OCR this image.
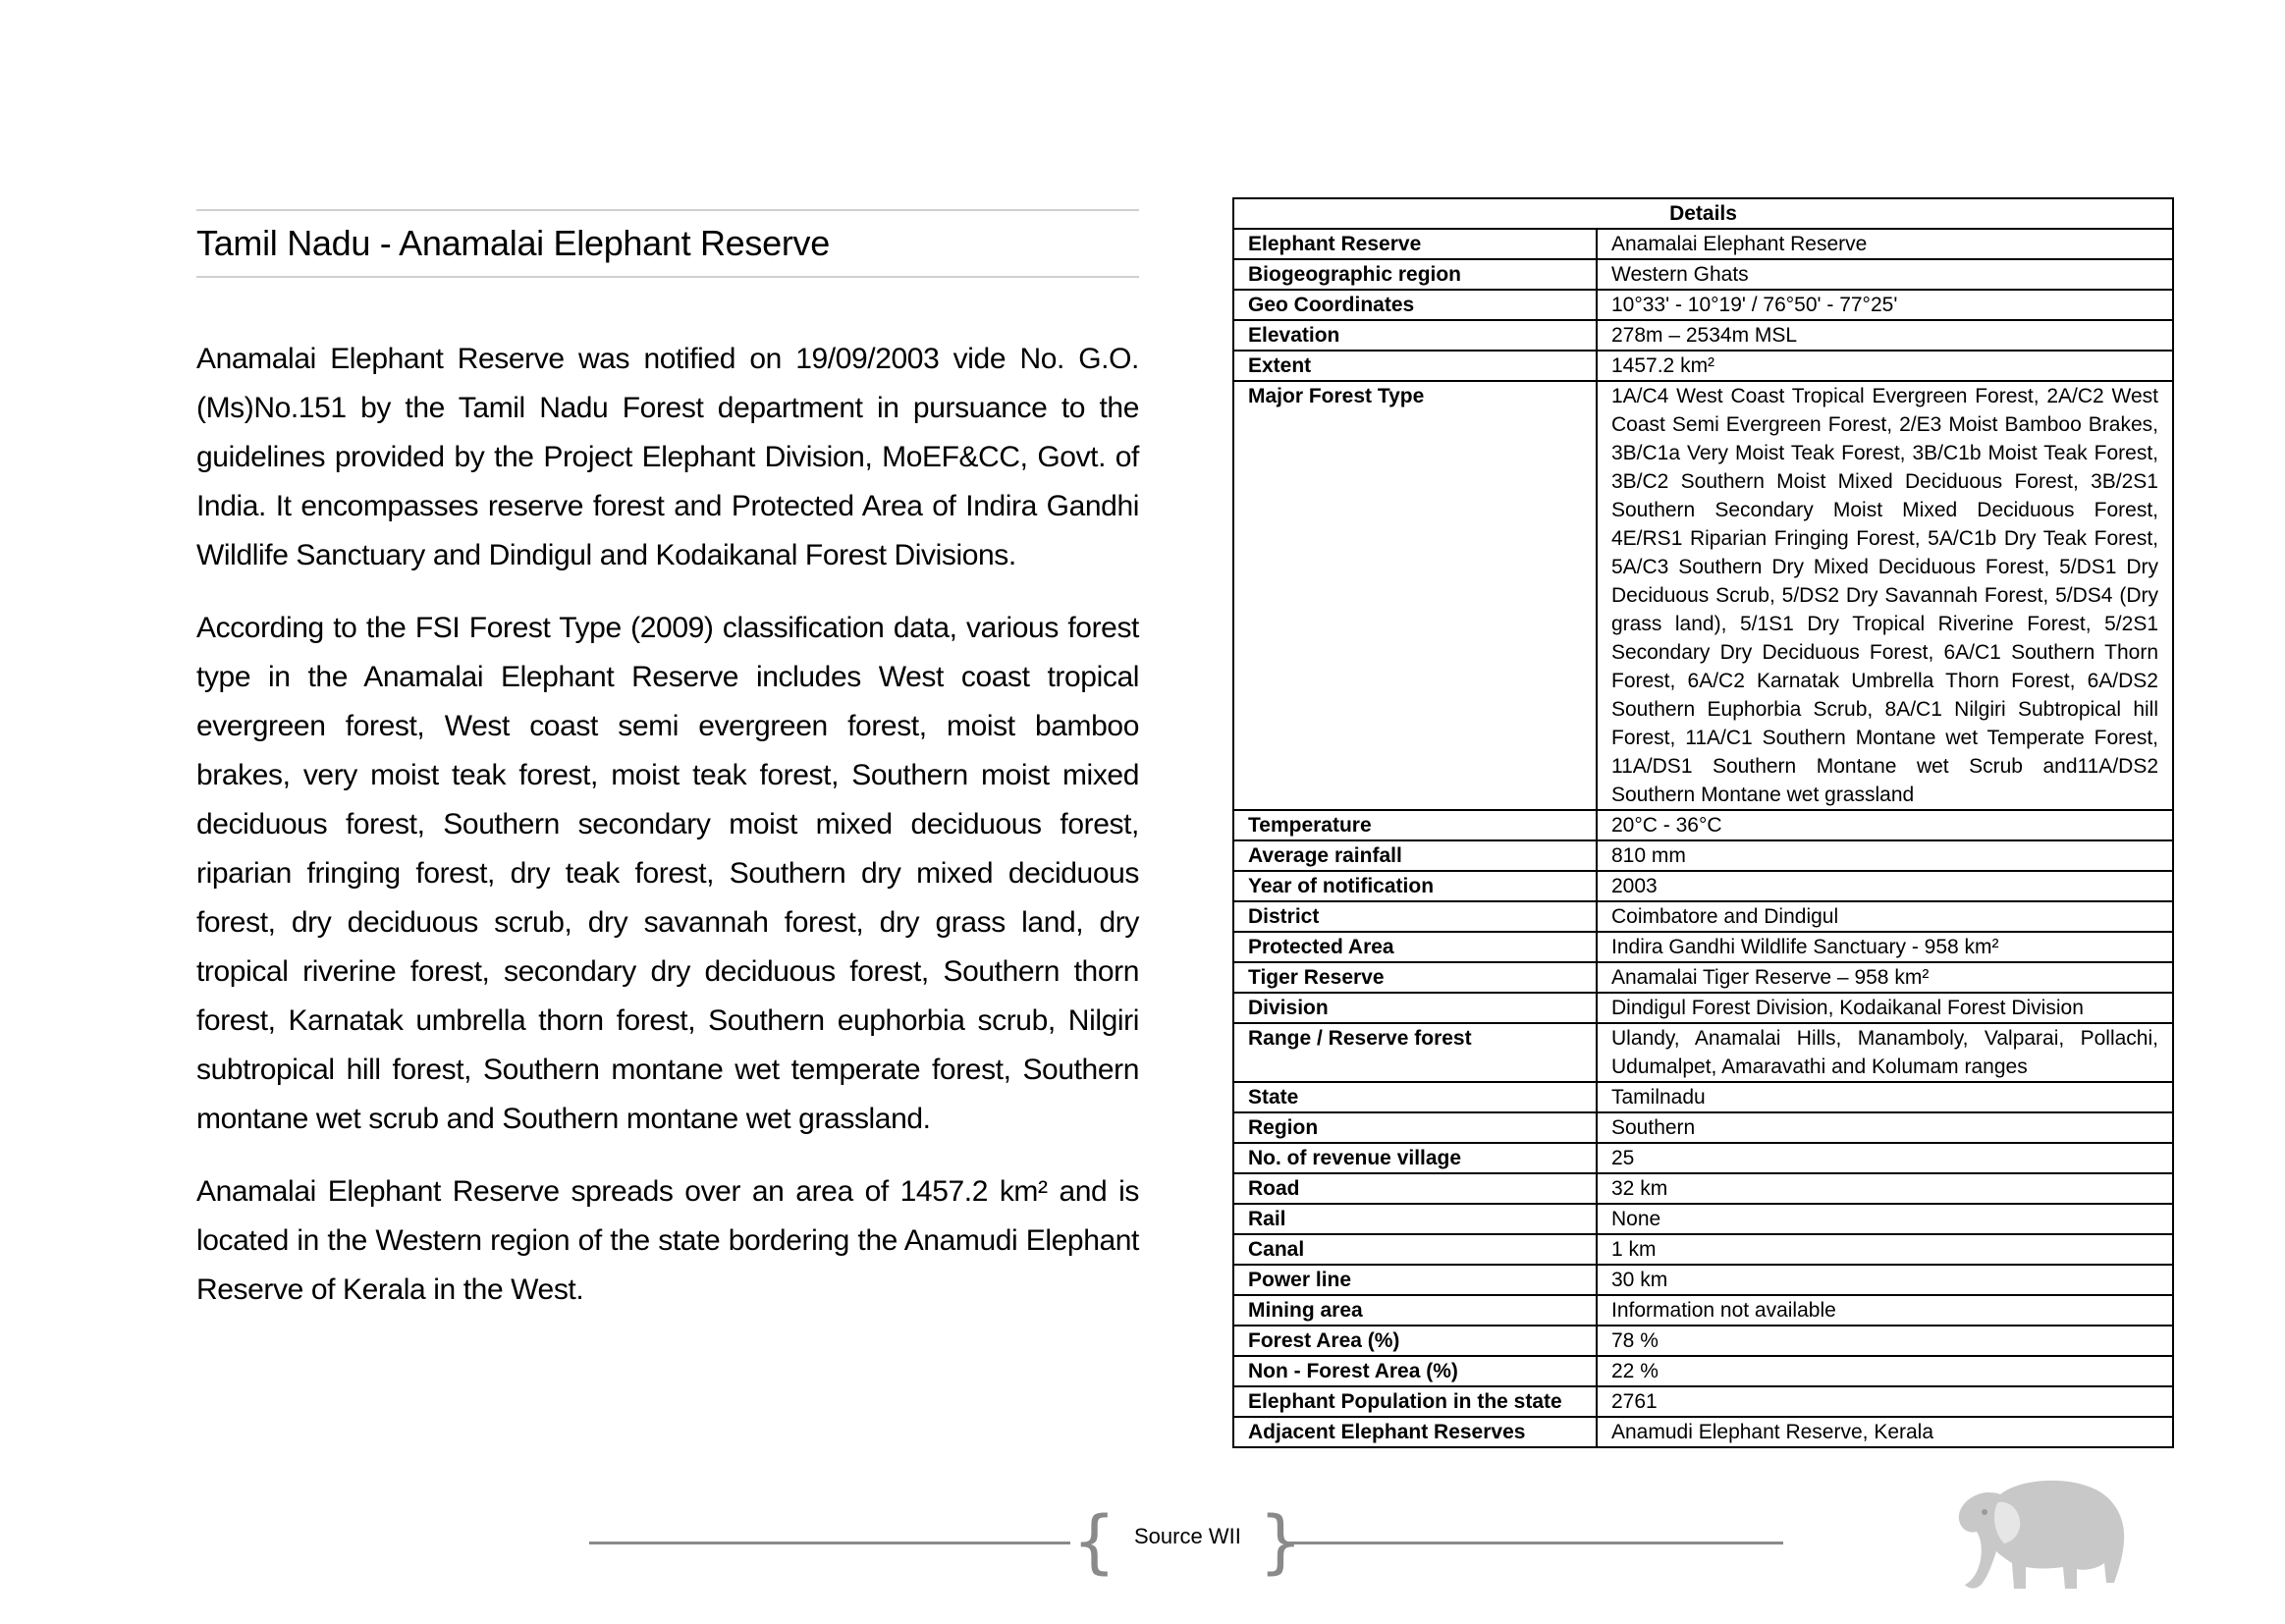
Tamil Nadu - Anamalai Elephant Reserve

Anamalai Elephant Reserve was notified on 19/09/2003 vide No. G.O.(Ms)No.151 by the Tamil Nadu Forest department in pursuance to the guidelines provided by the Project Elephant Division, MoEF&CC, Govt. of India. It encompasses reserve forest and Protected Area of Indira Gandhi Wildlife Sanctuary and Dindigul and Kodaikanal Forest Divisions.

According to the FSI Forest Type (2009) classification data, various forest type in the Anamalai Elephant Reserve includes West coast tropical evergreen forest, West coast semi evergreen forest, moist bamboo brakes, very moist teak forest, moist teak forest, Southern moist mixed deciduous forest, Southern secondary moist mixed deciduous forest, riparian fringing forest, dry teak forest, Southern dry mixed deciduous forest, dry deciduous scrub, dry savannah forest, dry grass land, dry tropical riverine forest, secondary dry deciduous forest, Southern thorn forest, Karnatak umbrella thorn forest, Southern euphorbia scrub, Nilgiri subtropical hill forest, Southern montane wet temperate forest, Southern montane wet scrub and Southern montane wet grassland.

Anamalai Elephant Reserve spreads over an area of 1457.2 km² and is located in the Western region of the state bordering the Anamudi Elephant Reserve of Kerala in the West.

Details	
Elephant Reserve	Anamalai Elephant Reserve
Biogeographic region	Western Ghats
Geo Coordinates	10°33' - 10°19' / 76°50' - 77°25'
Elevation	278m – 2534m MSL
Extent	1457.2 km²
Major Forest Type	1A/C4 West Coast Tropical Evergreen Forest, 2A/C2 West Coast Semi Evergreen Forest, 2/E3 Moist Bamboo Brakes, 3B/C1a Very Moist Teak Forest, 3B/C1b Moist Teak Forest, 3B/C2 Southern Moist Mixed Deciduous Forest, 3B/2S1 Southern Secondary Moist Mixed Deciduous Forest, 4E/RS1 Riparian Fringing Forest, 5A/C1b Dry Teak Forest, 5A/C3 Southern Dry Mixed Deciduous Forest, 5/DS1 Dry Deciduous Scrub, 5/DS2 Dry Savannah Forest, 5/DS4 (Dry grass land), 5/1S1 Dry Tropical Riverine Forest, 5/2S1 Secondary Dry Deciduous Forest, 6A/C1 Southern Thorn Forest, 6A/C2 Karnatak Umbrella Thorn Forest, 6A/DS2 Southern Euphorbia Scrub, 8A/C1 Nilgiri Subtropical hill Forest, 11A/C1 Southern Montane wet Temperate Forest, 11A/DS1 Southern Montane wet Scrub and11A/DS2 Southern Montane wet grassland
Temperature	20°C - 36°C
Average rainfall	810 mm
Year of notification	2003
District	Coimbatore and Dindigul
Protected Area	Indira Gandhi Wildlife Sanctuary - 958 km²
Tiger Reserve	Anamalai Tiger Reserve – 958 km²
Division	Dindigul Forest Division, Kodaikanal Forest Division
Range / Reserve forest	Ulandy, Anamalai Hills, Manamboly, Valparai, Pollachi, Udumalpet, Amaravathi and Kolumam ranges
State	Tamilnadu
Region	Southern
No. of revenue village	25
Road	32 km
Rail	None
Canal	1 km
Power line	30 km
Mining area	Information not available
Forest Area (%)	78 %
Non - Forest Area (%)	22 %
Elephant Population in the state	2761
Adjacent Elephant Reserves	Anamudi Elephant Reserve, Kerala
{ Source WII }
